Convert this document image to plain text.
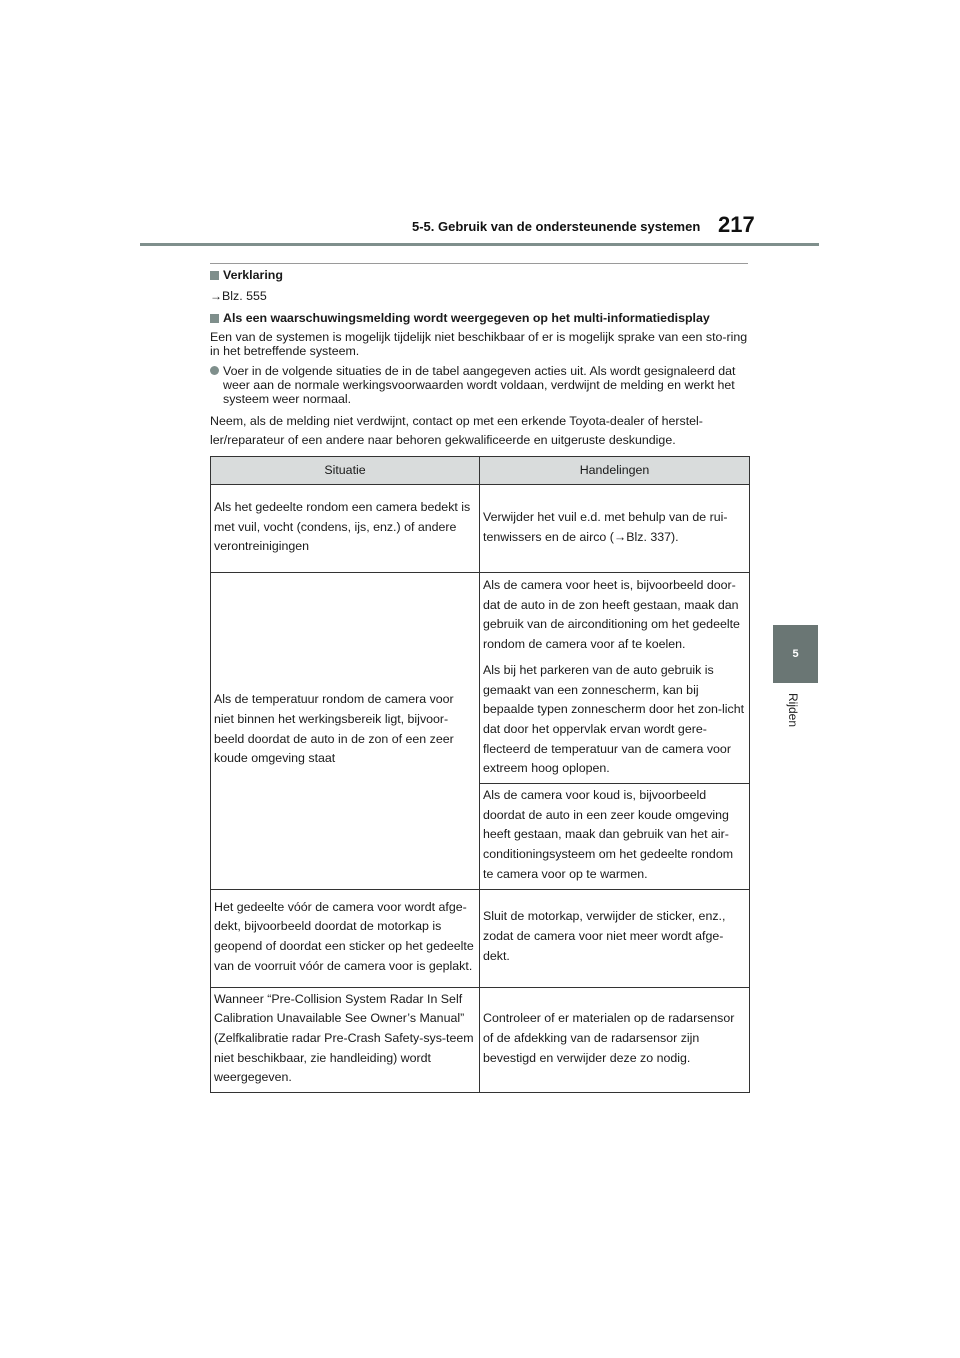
5-5. Gebruik van de ondersteunende systemen 217
5
Rijden

Verklaring

→Blz. 555

Als een waarschuwingsmelding wordt weergegeven op het multi-informatiedisplay

Een van de systemen is mogelijk tijdelijk niet beschikbaar of er is mogelijk sprake van een sto-ring in het betreffende systeem.

Voer in de volgende situaties de in de tabel aangegeven acties uit. Als wordt gesignaleerd dat weer aan de normale werkingsvoorwaarden wordt voldaan, verdwijnt de melding en werkt het systeem weer normaal.

Neem, als de melding niet verdwijnt, contact op met een erkende Toyota-dealer of herstel-ler/reparateur of een andere naar behoren gekwalificeerde en uitgeruste deskundige.

Situatie	Handelingen
Als het gedeelte rondom een camera bedekt is met vuil, vocht (condens, ijs, enz.) of andere verontreinigingen	Verwijder het vuil e.d. met behulp van de rui-tenwissers en de airco (→Blz. 337).
Als de temperatuur rondom de camera voor niet binnen het werkingsbereik ligt, bijvoor-beeld doordat de auto in de zon of een zeer koude omgeving staat	Als de camera voor heet is, bijvoorbeeld door-dat de auto in de zon heeft gestaan, maak dan gebruik van de airconditioning om het gedeelte rondom de camera voor af te koelen.
Als bij het parkeren van de auto gebruik is gemaakt van een zonnescherm, kan bij bepaalde typen zonnescherm door het zon-licht dat door het oppervlak ervan wordt gere-flecteerd de temperatuur van de camera voor extreem hoog oplopen.

	Als de camera voor koud is, bijvoorbeeld doordat de auto in een zeer koude omgeving heeft gestaan, maak dan gebruik van het air-conditioningsysteem om het gedeelte rondom te camera voor op te warmen.
Het gedeelte vóór de camera voor wordt afge-dekt, bijvoorbeeld doordat de motorkap is geopend of doordat een sticker op het gedeelte van de voorruit vóór de camera voor is geplakt.	Sluit de motorkap, verwijder de sticker, enz., zodat de camera voor niet meer wordt afge-dekt.
Wanneer “Pre-Collision System Radar In Self Calibration Unavailable See Owner’s Manual” (Zelfkalibratie radar Pre-Crash Safety-sys-teem niet beschikbaar, zie handleiding) wordt weergegeven.	Controleer of er materialen op de radarsensor of de afdekking van de radarsensor zijn bevestigd en verwijder deze zo nodig.
